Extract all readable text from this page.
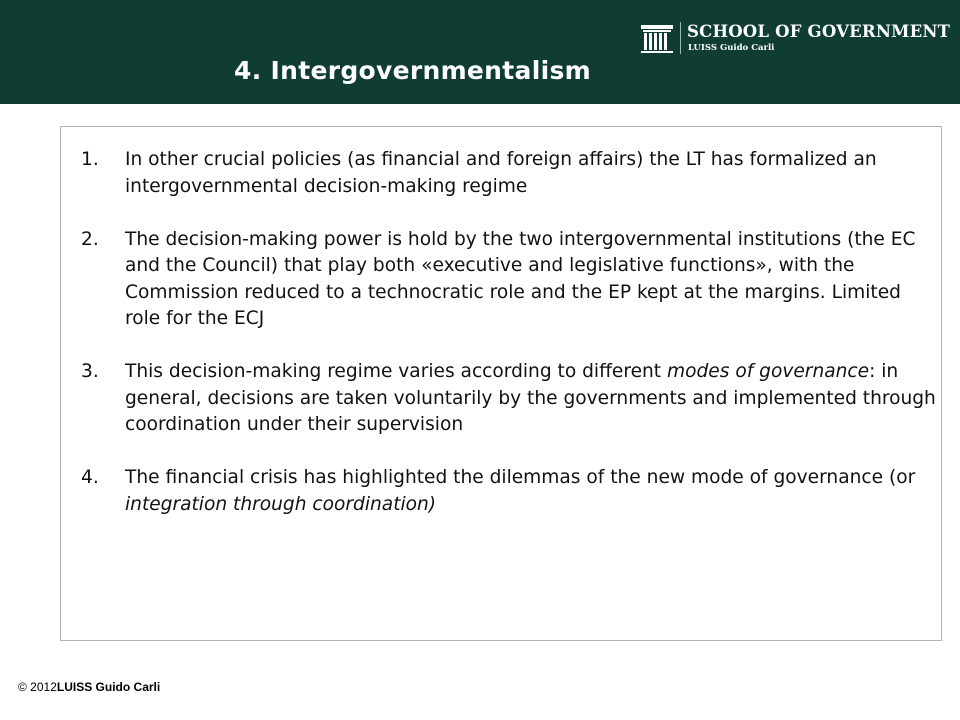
4. Intergovernmentalism
SCHOOL OF GOVERNMENT
LUISS Guido Carli
1. In other crucial policies (as financial and foreign affairs) the LT has formalized an intergovernmental decision-making regime
2. The decision-making power is hold by the two intergovernmental institutions (the EC and the Council) that play both «executive and legislative functions», with the Commission reduced to a technocratic role and the EP kept at the margins. Limited role for the ECJ
3. This decision-making regime varies according to different modes of governance: in general, decisions are taken voluntarily by the governments and implemented through coordination under their supervision
4. The financial crisis has highlighted the dilemmas of the new mode of governance (or integration through coordination)
© 2012LUISS Guido Carli
